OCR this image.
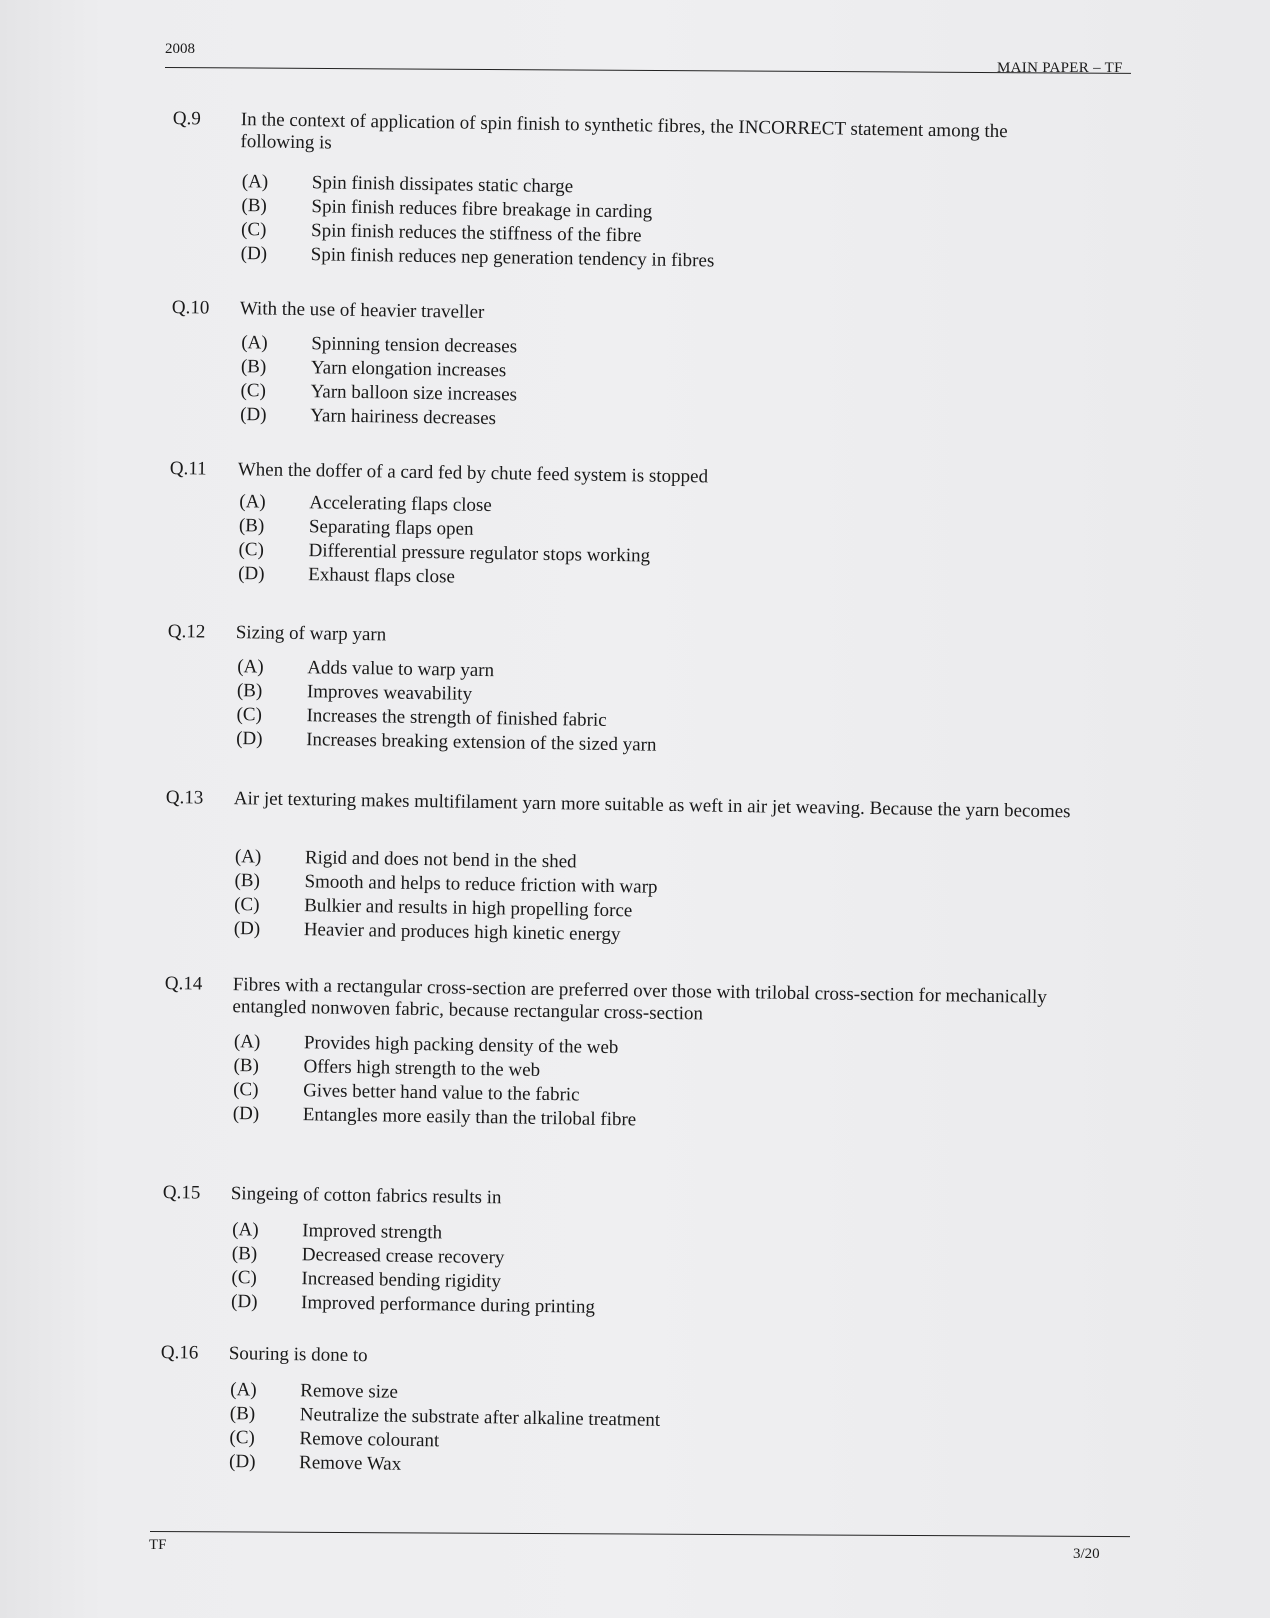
2008
MAIN PAPER – TF
Q.9	In the context of application of spin finish to synthetic fibres, the INCORRECT statement among the following is
(A)	Spin finish dissipates static charge
(B)	Spin finish reduces fibre breakage in carding
(C)	Spin finish reduces the stiffness of the fibre
(D)	Spin finish reduces nep generation tendency in fibres
Q.10	With the use of heavier traveller
(A)	Spinning tension decreases
(B)	Yarn elongation increases
(C)	Yarn balloon size increases
(D)	Yarn hairiness decreases
Q.11	When the doffer of a card fed by chute feed system is stopped
(A)	Accelerating flaps close
(B)	Separating flaps open
(C)	Differential pressure regulator stops working
(D)	Exhaust flaps close
Q.12	Sizing of warp yarn
(A)	Adds value to warp yarn
(B)	Improves weavability
(C)	Increases the strength of finished fabric
(D)	Increases breaking extension of the sized yarn
Q.13	Air jet texturing makes multifilament yarn more suitable as weft in air jet weaving. Because the yarn becomes
(A)	Rigid and does not bend in the shed
(B)	Smooth and helps to reduce friction with warp
(C)	Bulkier and results in high propelling force
(D)	Heavier and produces high kinetic energy
Q.14	Fibres with a rectangular cross-section are preferred over those with trilobal cross-section for mechanically entangled nonwoven fabric, because rectangular cross-section
(A)	Provides high packing density of the web
(B)	Offers high strength to the web
(C)	Gives better hand value to the fabric
(D)	Entangles more easily than the trilobal fibre
Q.15	Singeing of cotton fabrics results in
(A)	Improved strength
(B)	Decreased crease recovery
(C)	Increased bending rigidity
(D)	Improved performance during printing
Q.16	Souring is done to
(A)	Remove size
(B)	Neutralize the substrate after alkaline treatment
(C)	Remove colourant
(D)	Remove Wax
TF
3/20
